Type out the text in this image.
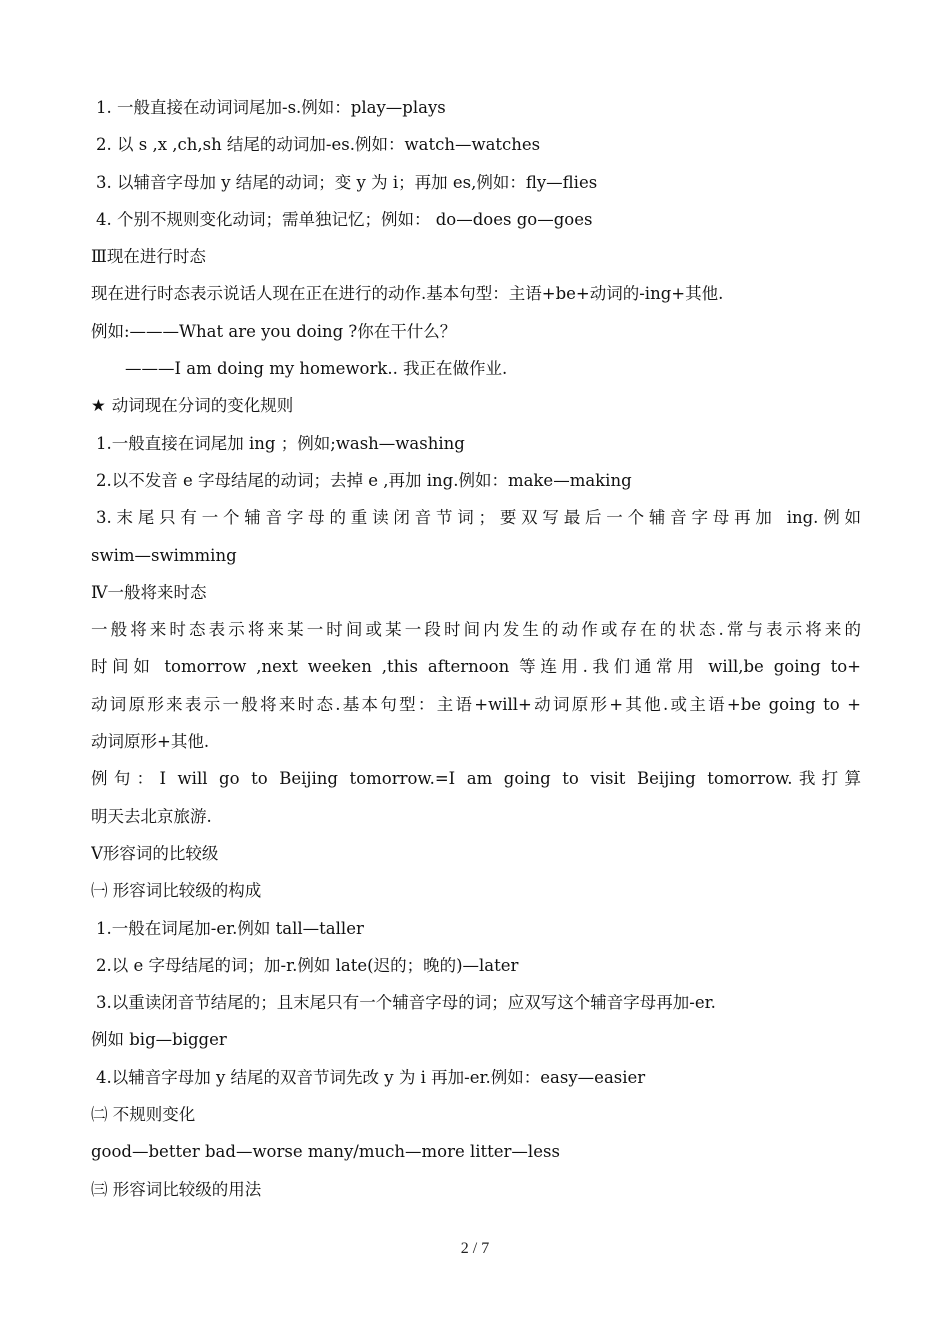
1. 一般直接在动词词尾加-s.例如：play—plays
2. 以 s ,x ,ch,sh 结尾的动词加-es.例如：watch—watches
3. 以辅音字母加 y 结尾的动词；变 y 为 i；再加 es,例如：fly—flies
4. 个别不规则变化动词；需单独记忆；例如： do—does go—goes
Ⅲ现在进行时态
现在进行时态表示说话人现在正在进行的动作.基本句型：主语+be+动词的-ing+其他.
例如:———What are you doing ?你在干什么？
———I am doing my homework.. 我正在做作业.
★ 动词现在分词的变化规则
1.一般直接在词尾加 ing ；例如;wash—washing
2.以不发音 e 字母结尾的动词；去掉 e ,再加 ing.例如：make—making
3.末尾只有一个辅音字母的重读闭音节词；要双写最后一个辅音字母再加 ing.例如
swim—swimming
Ⅳ一般将来时态
一般将来时态表示将来某一时间或某一段时间内发生的动作或存在的状态.常与表示将来的
时间如 tomorrow ,next weeken ,this afternoon 等连用.我们通常用 will,be going to+
动词原形来表示一般将来时态.基本句型：主语+will+动词原形+其他.或主语+be going to +
动词原形+其他.
例句：I will go to Beijing tomorrow.=I am going to visit Beijing tomorrow.我打算
明天去北京旅游.
Ⅴ形容词的比较级
㈠ 形容词比较级的构成
1.一般在词尾加-er.例如 tall—taller
2.以 e 字母结尾的词；加-r.例如 late(迟的；晚的)—later
3.以重读闭音节结尾的；且末尾只有一个辅音字母的词；应双写这个辅音字母再加-er.
例如 big—bigger
4.以辅音字母加 y 结尾的双音节词先改 y 为 i 再加-er.例如：easy—easier
㈡ 不规则变化
good—better bad—worse many/much—more litter—less
㈢ 形容词比较级的用法
2 / 7
